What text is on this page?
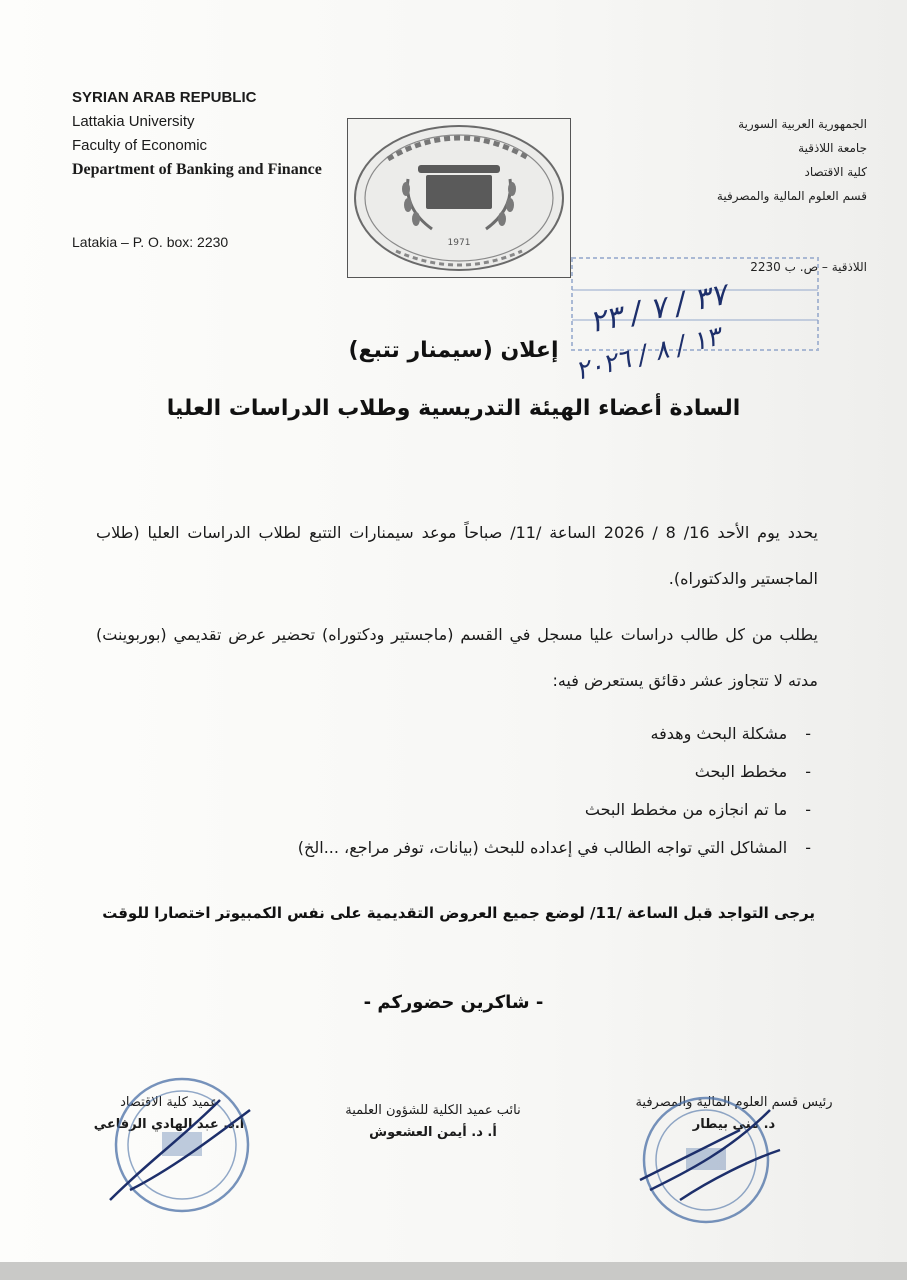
SYRIAN ARAB REPUBLIC
Lattakia University
Faculty of Economic
Department of Banking and Finance
Latakia – P. O. box: 2230	1971
الجمهورية العربية السورية
جامعة اللاذقية
كلية الاقتصاد
قسم العلوم المالية والمصرفية
اللاذقية – ص. ب 2230
٣٧ / ٧ / ٢٣
١٣ / ٨ / ٢٠٢٦
إعلان (سيمنار تتبع)
السادة أعضاء الهيئة التدريسية وطلاب الدراسات العليا
يحدد يوم الأحد 16/ 8 / 2026 الساعة /11/ صباحاً موعد سيمنارات التتبع لطلاب الدراسات العليا (طلاب الماجستير والدكتوراه).
يطلب من كل طالب دراسات عليا مسجل في القسم (ماجستير ودكتوراه) تحضير عرض تقديمي (بوربوينت) مدته لا تتجاوز عشر دقائق يستعرض فيه:
- مشكلة البحث وهدفه
- مخطط البحث
- ما تم انجازه من مخطط البحث
- المشاكل التي تواجه الطالب في إعداده للبحث (بيانات، توفر مراجع، ...الخ)
يرجى التواجد قبل الساعة /11/ لوضع جميع العروض التقديمية على نفس الكمبيوتر اختصارا للوقت
- شاكرين حضوركم -
رئيس قسم العلوم المالية والمصرفية
د. منى بيطار
نائب عميد الكلية للشؤون العلمية
أ. د. أيمن العشعوش
عميد كلية الاقتصاد
أ.د. عبد الهادي الرفاعي
